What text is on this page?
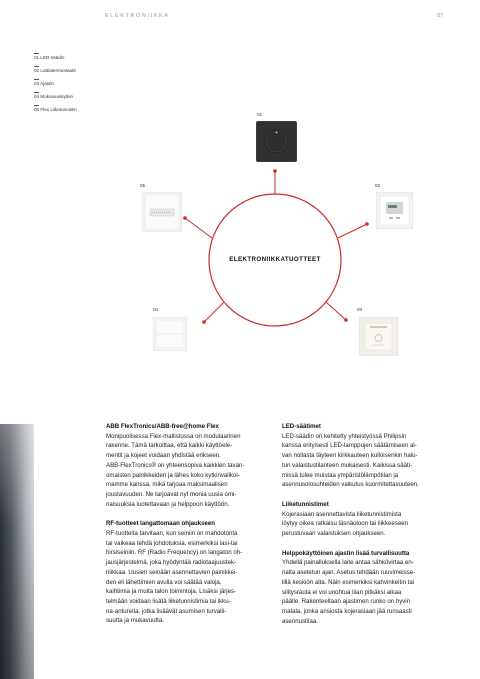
ELEKTRONIIKKA	87
01 LED-säädin
02 Lattiatermostaatti
03 Ajastin
04 Mukavuuskytkin
05 Flex Liiketunnistin
ELEKTRONIIKKATUOTTEET
01
02
03
04
05

ABB FlexTronics/ABB-free@home Flex

Monipuolisessa Flex-mallistossa on modulaarinen

rakenne. Tämä tarkoittaa, että kaikki käyttöele-

mentit ja kojeet voidaan yhdistää erikseen.

ABB-FlexTronics® on yhteensopiva kaikkien tavan-

omaisten painikkeiden ja lähes koko kytkinvalikoi-

mamme kanssa, mikä tarjoaa maksimaalisen

joustavuuden. Ne tarjoavat nyt monia uusia omi-

naisuuksia luotettavaan ja helppoon käyttöön.

RF-tuotteet langattomaan ohjaukseen

RF-tuotteita tarvitaan, kun seiniin on mahdotonta

tai vaikeaa tehdä johdotuksia, esimerkiksi lasi-tai

hirsiseiniin. RF (Radio Frequency) on langaton oh-

jausjärjestelmä, joka hyödyntää radiotaajuustek-

niikkaa. Uusien seinään asennettavien painikkei-

den eli lähettimien avulla voi säätää valoja,

kaihtimia ja muita talon toimintoja. Lisäksi järjes-

telmään voidaan lisätä liiketunnistimia tai ikku-

na-antureita, jotka lisäävät asumisen turvalli-

suutta ja mukavuutta.

LED-säätimet

LED-säädin on kehitetty yhteistyössä Philipsin

kanssa erityisesti LED-lamppujen säätämiseen al-

van nollasta täyteen kirkkauteen kulloisenkin halu-

tun valaistustilanteen mukaisesti. Kaikissa sääti-

missä tulee muistaa ympäristölämpötilan ja

asennusolosuhteiden vaikutus kuormitettavuuteen.

Liiketunnistimet

Kojerasiaan asennettavista liiketunnistimista

löytyy oikea ratkaisu läsnäoloon tai liikkeeseen

perustuvaan valaistuksen ohjaukseen.

Helppokäyttöinen ajastin lisää turvallisuutta

Yhdellä painalluksella laite antaa sähkövirtaa en-

nalta asetetun ajan. Asetus tehdään ruuvimeisse-

lillä keskiön alta. Näin esimerkiksi kahvinkeitin tai

silitysrauta ei voi unohtua liian pitkäksi aikaa

päälle. Rakenteeltaan ajastimen runko on hyvin

matala, jonka ansiosta kojerasiaan jää runsaasti

asennustilaa.
